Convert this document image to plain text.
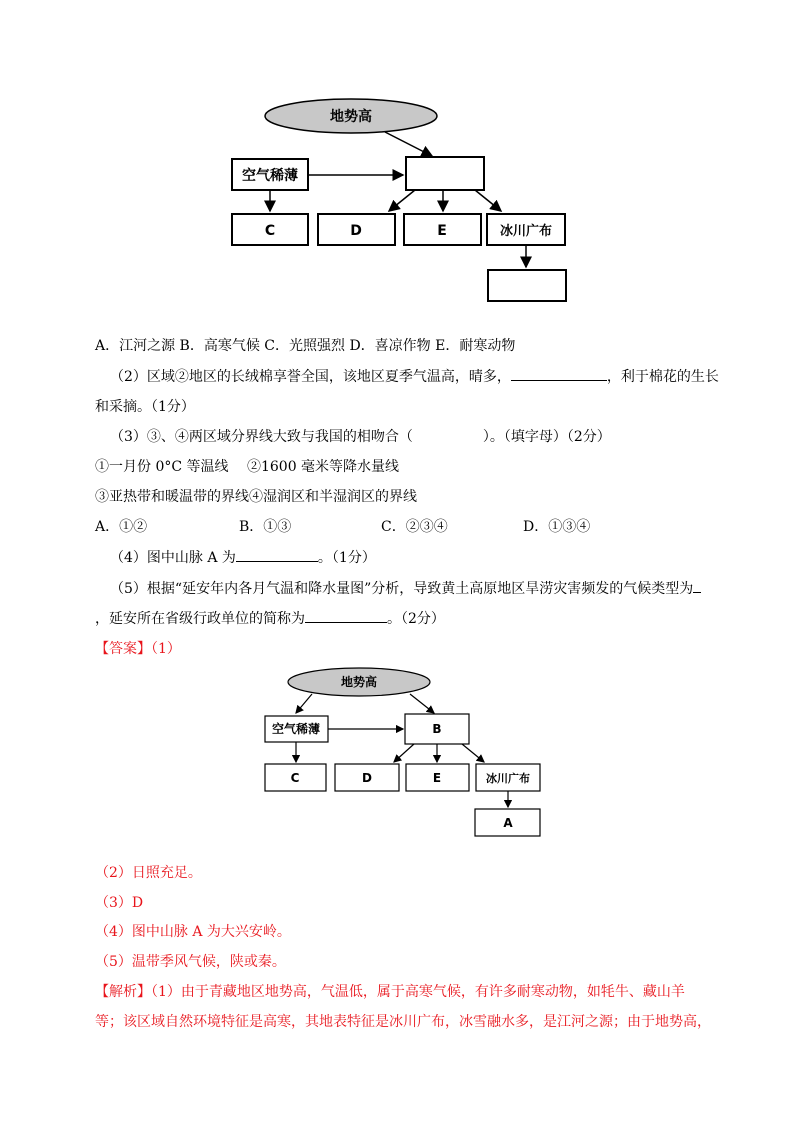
地势高
空气稀薄
C	D	E	冰川广布
A．江河之源 B．高寒气候 C．光照强烈 D．喜凉作物 E．耐寒动物
（2）区域②地区的长绒棉享誉全国，该地区夏季气温高，晴多，	，利于棉花的生长
和采摘。（1分）
（3）③、④两区域分界线大致与我国的相吻合（　　　　　）。（填字母）（2分）
①一月份 0°C 等温线　 ②1600 毫米等降水量线
③亚热带和暖温带的界线④湿润区和半湿润区的界线
A．①②	B．①③	C．②③④	D．①③④
（4）图中山脉 A 为	。（1分）
（5）根据“延安年内各月气温和降水量图”分析，导致黄土高原地区旱涝灾害频发的气候类型为
，延安所在省级行政单位的简称为	。（2分）
【答案】（1）
地势高
空气稀薄	B
C	D	E	冰川广布
A
（2）日照充足。
（3）D
（4）图中山脉 A 为大兴安岭。
（5）温带季风气候，陕或秦。
【解析】（1）由于青藏地区地势高，气温低，属于高寒气候，有许多耐寒动物，如牦牛、藏山羊
等；该区域自然环境特征是高寒，其地表特征是冰川广布，冰雪融水多，是江河之源；由于地势高，
